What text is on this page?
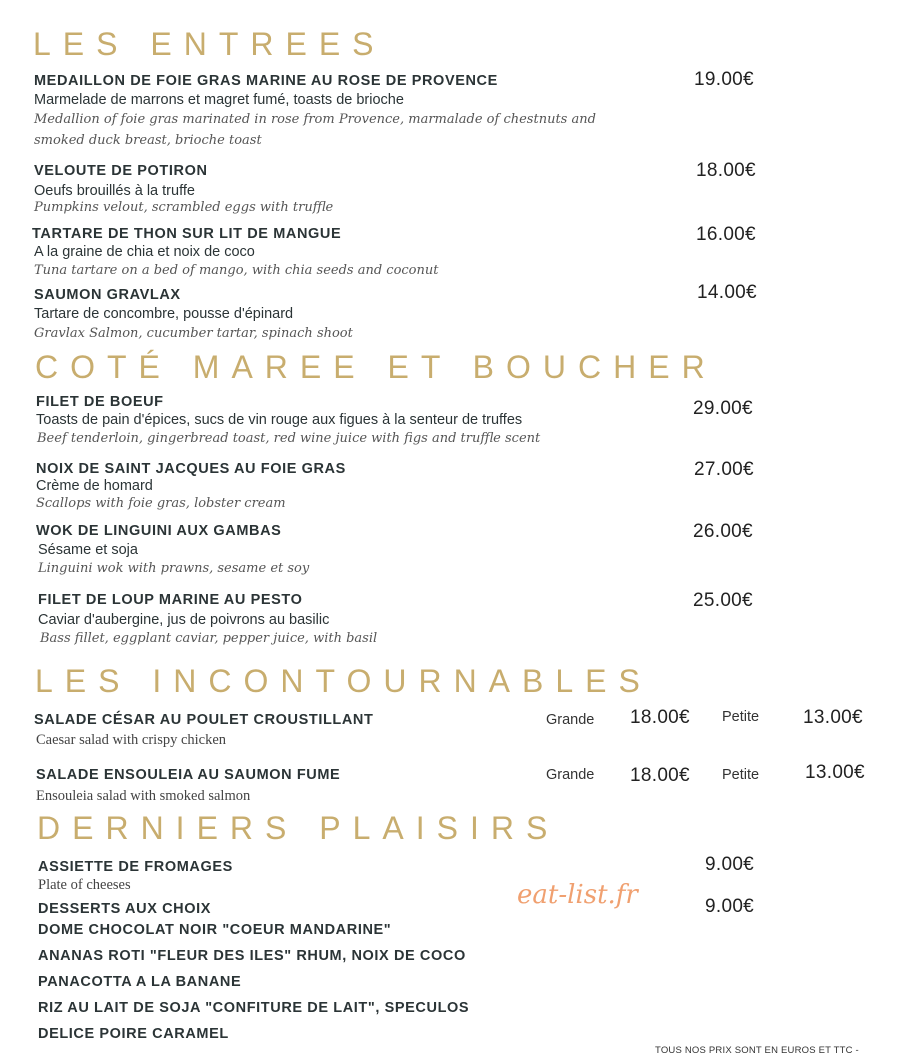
LES ENTREES
MEDAILLON DE FOIE GRAS MARINE AU ROSE DE PROVENCE
Marmelade de marrons et magret fumé, toasts de brioche
Medallion of foie gras marinated in rose from Provence, marmalade of chestnuts and
smoked duck breast, brioche toast
19.00€
VELOUTE DE POTIRON
Oeufs brouillés à la truffe
Pumpkins velout, scrambled eggs with truffle
18.00€
TARTARE DE THON SUR LIT DE MANGUE
A la graine de chia et noix de coco
Tuna tartare on a bed of mango, with chia seeds and coconut
16.00€
SAUMON GRAVLAX
Tartare de concombre, pousse d'épinard
Gravlax Salmon, cucumber tartar, spinach shoot
14.00€
COTÉ MAREE ET BOUCHER
FILET DE BOEUF
Toasts de pain d'épices, sucs de vin rouge aux figues à la senteur de truffes
Beef tenderloin, gingerbread toast, red wine juice with figs and truffle scent
29.00€
NOIX DE SAINT JACQUES AU FOIE GRAS
Crème de homard
Scallops with foie gras, lobster cream
27.00€
WOK DE LINGUINI AUX GAMBAS
Sésame et soja
Linguini wok with prawns, sesame et soy
26.00€
FILET DE LOUP MARINE AU PESTO
Caviar d'aubergine, jus de poivrons au basilic
Bass fillet, eggplant caviar, pepper juice, with basil
25.00€
LES INCONTOURNABLES
SALADE CÉSAR AU POULET CROUSTILLANT
Caesar salad with crispy chicken
Grande 18.00€ Petite 13.00€
SALADE ENSOULEIA AU SAUMON FUME
Ensouleia salad with smoked salmon
Grande 18.00€ Petite 13.00€
DERNIERS PLAISIRS
ASSIETTE DE FROMAGES
Plate of cheeses
9.00€
DESSERTS AUX CHOIX	9.00€
DOME CHOCOLAT NOIR "COEUR MANDARINE"
ANANAS ROTI "FLEUR DES ILES" RHUM, NOIX DE COCO
PANACOTTA A LA BANANE
RIZ AU LAIT DE SOJA "CONFITURE DE LAIT", SPECULOS
DELICE POIRE CARAMEL
eat-list.fr
TOUS NOS PRIX SONT EN EUROS ET TTC -
